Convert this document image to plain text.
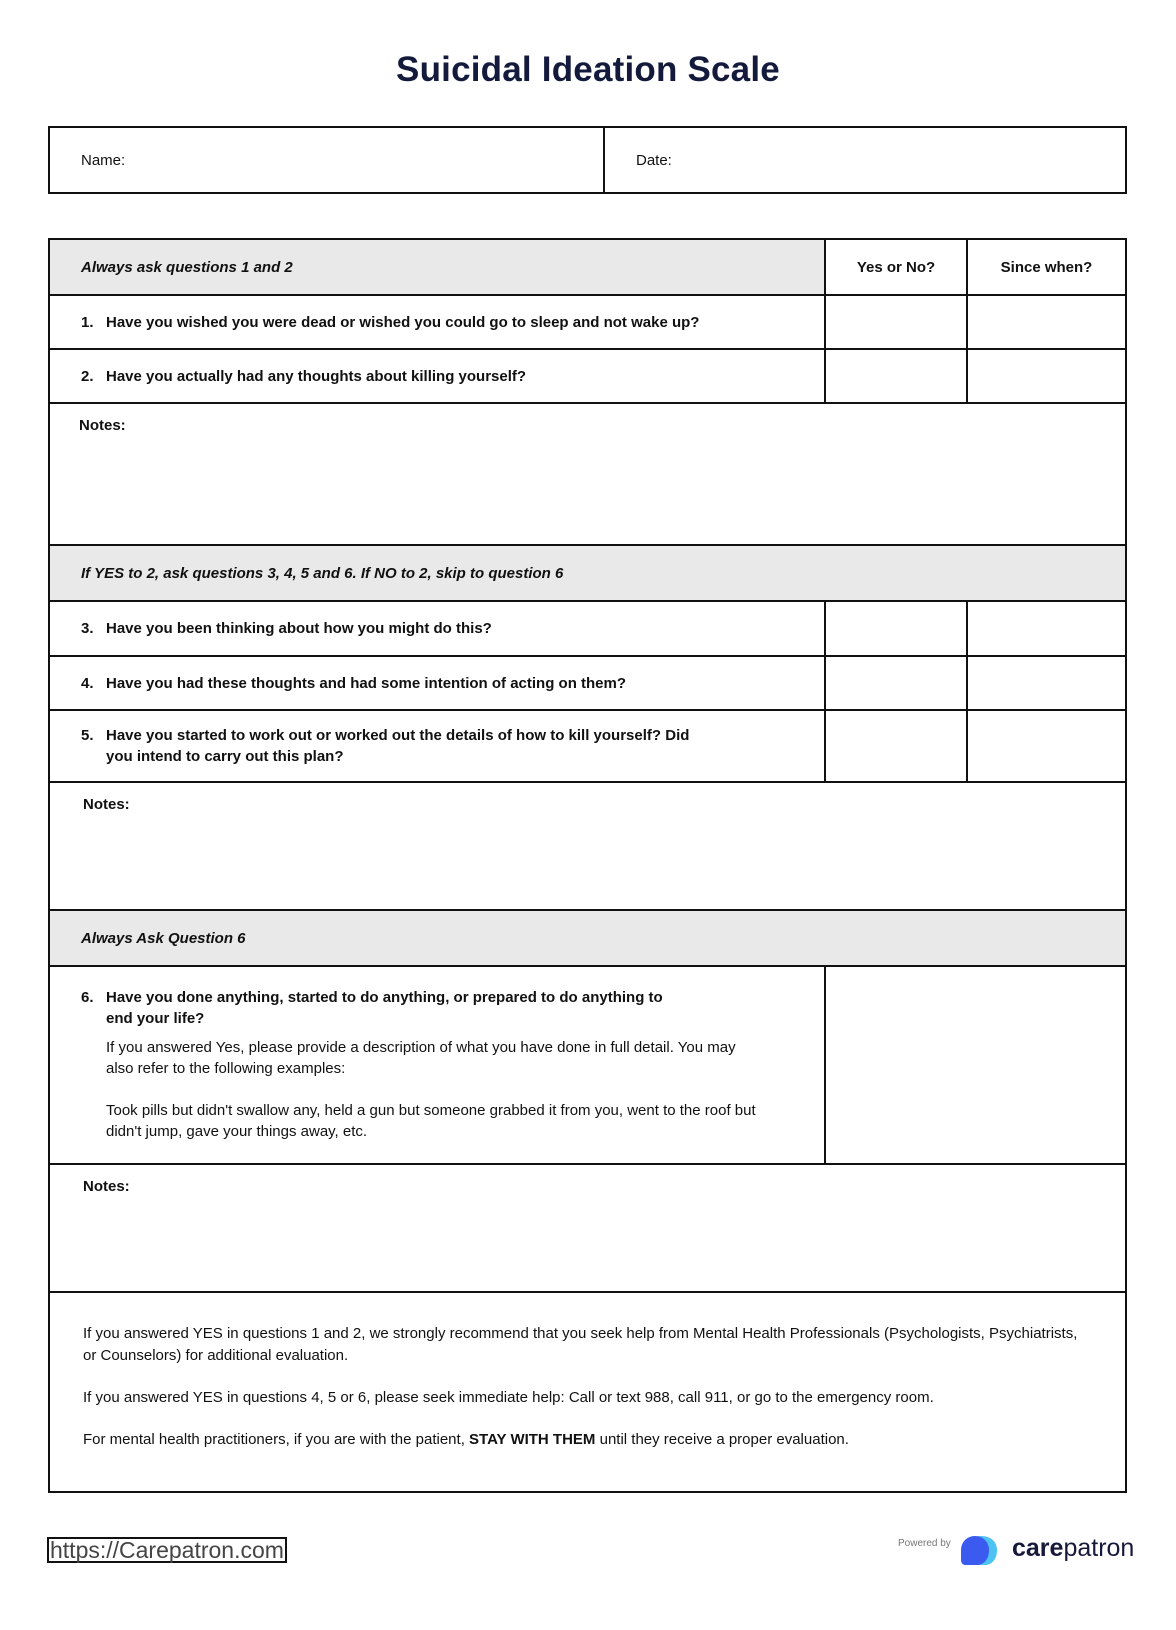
Suicidal Ideation Scale
Name:	Date:
Always ask questions 1 and 2	Yes or No?	Since when?
1. Have you wished you were dead or wished you could go to sleep and not wake up?
2. Have you actually had any thoughts about killing yourself?
Notes:
If YES to 2, ask questions 3, 4, 5 and 6. If NO to 2, skip to question 6
3. Have you been thinking about how you might do this?
4. Have you had these thoughts and had some intention of acting on them?
5. Have you started to work out or worked out the details of how to kill yourself? Did
you intend to carry out this plan?
Notes:
Always Ask Question 6
6. Have you done anything, started to do anything, or prepared to do anything to
end your life?
If you answered Yes, please provide a description of what you have done in full detail. You may also refer to the following examples:
Took pills but didn't swallow any, held a gun but someone grabbed it from you, went to the roof but didn't jump, gave your things away, etc.
Notes:

If you answered YES in questions 1 and 2, we strongly recommend that you seek help from Mental Health Professionals (Psychologists, Psychiatrists, or Counselors) for additional evaluation.

If you answered YES in questions 4, 5 or 6, please seek immediate help: Call or text 988, call 911, or go to the emergency room.

For mental health practitioners, if you are with the patient, STAY WITH THEM until they receive a proper evaluation.

https://Carepatron.com	Powered by carepatron
